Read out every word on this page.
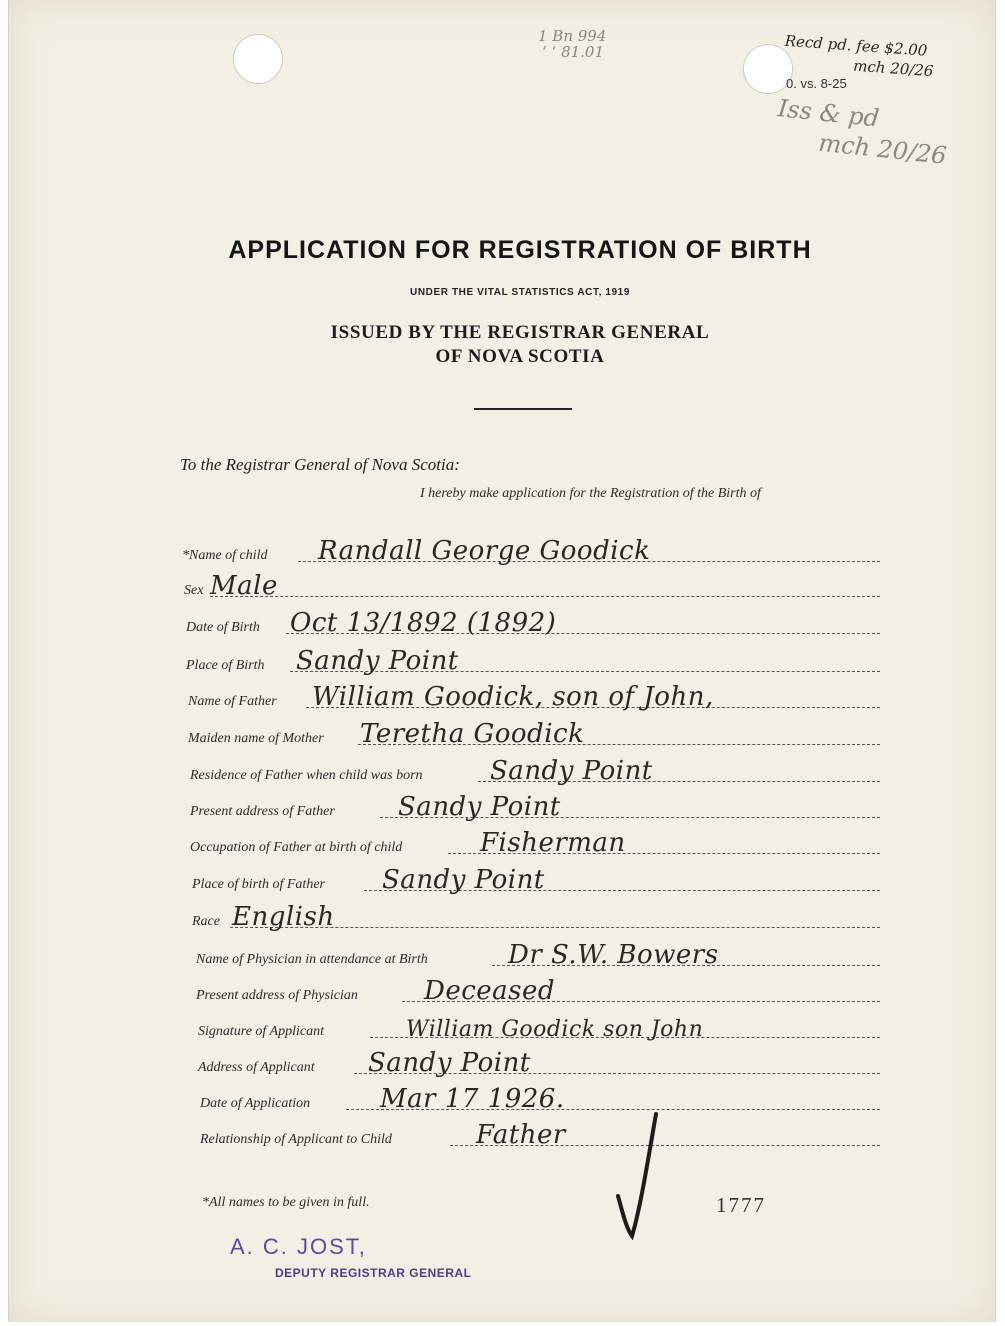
1 Bn 994
‘ ‘ 81.01	Recd pd. fee $2.00
mch 20/26
0. vs. 8-25
Iss & pd
mch 20/26
APPLICATION FOR REGISTRATION OF BIRTH
UNDER THE VITAL STATISTICS ACT, 1919
ISSUED BY THE REGISTRAR GENERAL
OF NOVA SCOTIA
To the Registrar General of Nova Scotia:
I hereby make application for the Registration of the Birth of
*Name of child Randall George Goodick
Sex Male
Date of Birth Oct 13/1892 (1892)
Place of Birth Sandy Point
Name of Father William Goodick, son of John,
Maiden name of Mother Teretha Goodick
Residence of Father when child was born	Sandy Point
Present address of Father Sandy Point
Occupation of Father at birth of child	Fisherman
Place of birth of Father Sandy Point
Race English
Name of Physician in attendance at Birth	Dr S.W. Bowers
Present address of Physician	Deceased
Signature of Applicant	William Goodick son John
Address of Applicant Sandy Point
Date of Application	Mar 17 1926.
Relationship of Applicant to Child	Father
*All names to be given in full.	1777
A. C. JOST,
DEPUTY REGISTRAR GENERAL
